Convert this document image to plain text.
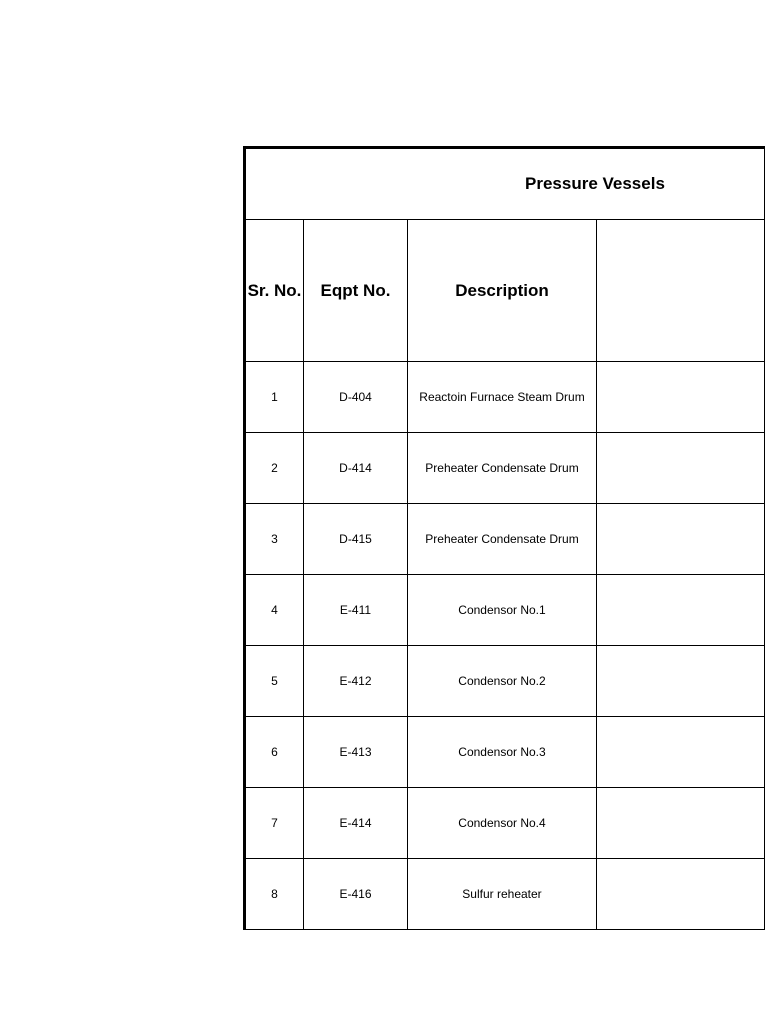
Pressure Vessels			
Sr. No.	Eqpt No.	Description	
1	D-404	Reactoin Furnace Steam Drum	
2	D-414	Preheater Condensate Drum	
3	D-415	Preheater Condensate Drum	
4	E-411	Condensor No.1	
5	E-412	Condensor No.2	
6	E-413	Condensor No.3	
7	E-414	Condensor No.4	
8	E-416	Sulfur reheater	
